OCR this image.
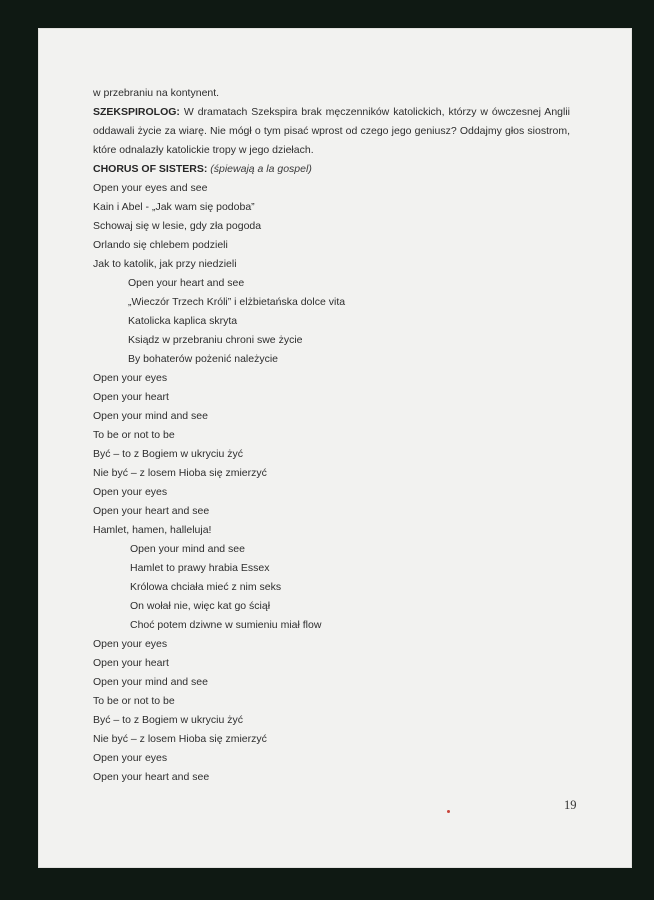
w przebraniu na kontynent.
SZEKSPIROLOG: W dramatach Szekspira brak męczenników katolickich, którzy w ówczesnej Anglii
oddawali życie za wiarę. Nie mógł o tym pisać wprost od czego jego geniusz? Oddajmy głos siostrom,
które odnalazły katolickie tropy w jego dziełach.
CHORUS OF SISTERS: (śpiewają a la gospel)
Open your eyes and see
Kain i Abel - „Jak wam się podoba”
Schowaj się w lesie, gdy zła pogoda
Orlando się chlebem podzieli
Jak to katolik, jak przy niedzieli
Open your heart and see
„Wieczór Trzech Króli” i elżbietańska dolce vita
Katolicka kaplica skryta
Ksiądz w przebraniu chroni swe życie
By bohaterów pożenić należycie
Open your eyes
Open your heart
Open your mind and see
To be or not to be
Być – to z Bogiem w ukryciu żyć
Nie być – z losem Hioba się zmierzyć
Open your eyes
Open your heart and see
Hamlet, hamen, halleluja!
Open your mind and see
Hamlet to prawy hrabia Essex
Królowa chciała mieć z nim seks
On wołał nie, więc kat go ściął
Choć potem dziwne w sumieniu miał flow
Open your eyes
Open your heart
Open your mind and see
To be or not to be
Być – to z Bogiem w ukryciu żyć
Nie być – z losem Hioba się zmierzyć
Open your eyes
Open your heart and see
19
